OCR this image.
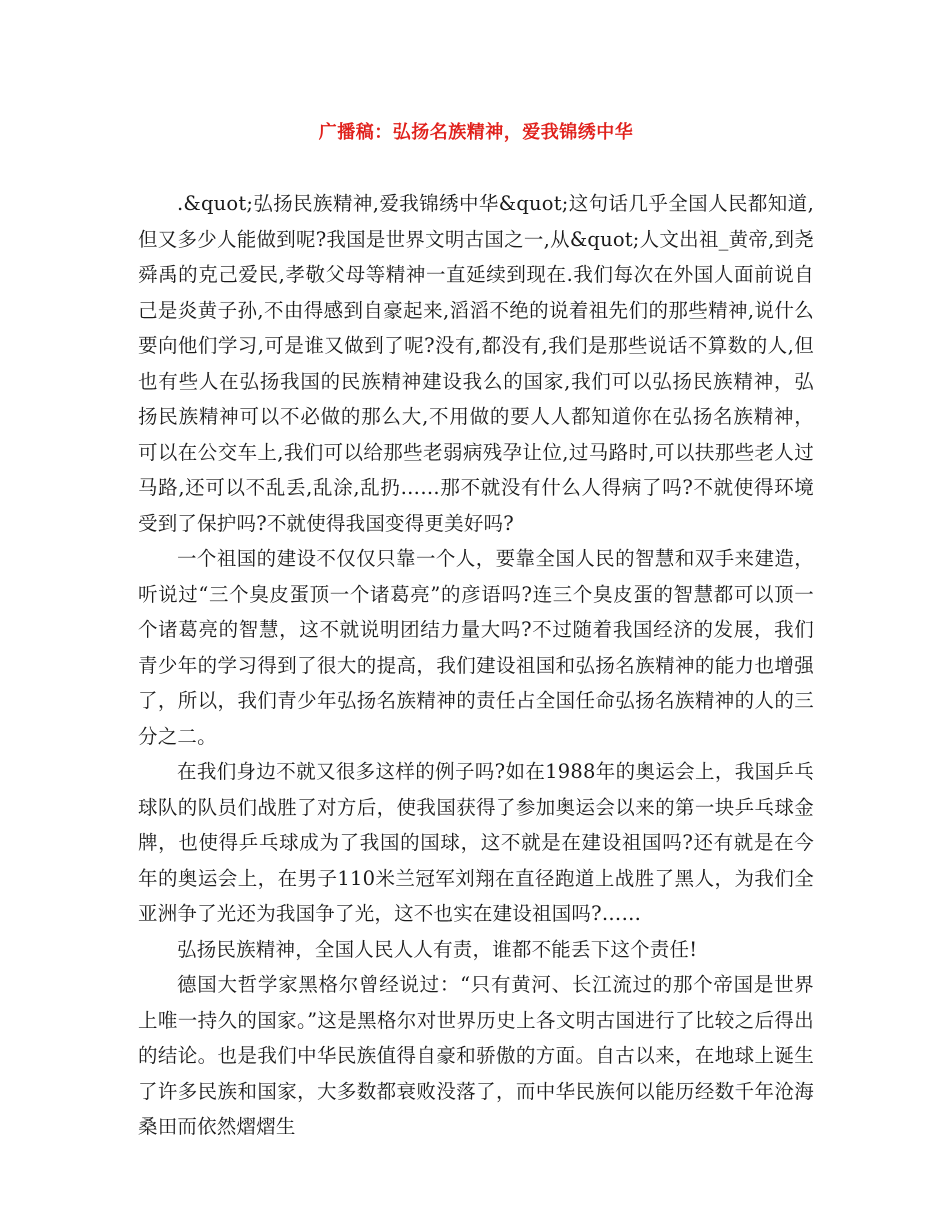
广播稿：弘扬名族精神，爱我锦绣中华

.&quot;弘扬民族精神,爱我锦绣中华&quot;这句话几乎全国人民都知道,但又多少人能做到呢?我国是世界文明古国之一,从&quot;人文出祖_黄帝,到尧舜禹的克己爱民,孝敬父母等精神一直延续到现在.我们每次在外国人面前说自己是炎黄子孙,不由得感到自豪起来,滔滔不绝的说着祖先们的那些精神,说什么要向他们学习,可是谁又做到了呢?没有,都没有,我们是那些说话不算数的人,但也有些人在弘扬我国的民族精神建设我么的国家,我们可以弘扬民族精神，弘扬民族精神可以不必做的那么大,不用做的要人人都知道你在弘扬名族精神，可以在公交车上,我们可以给那些老弱病残孕让位,过马路时,可以扶那些老人过马路,还可以不乱丢,乱涂,乱扔……那不就没有什么人得病了吗?不就使得环境受到了保护吗?不就使得我国变得更美好吗?

一个祖国的建设不仅仅只靠一个人，要靠全国人民的智慧和双手来建造，听说过“三个臭皮蛋顶一个诸葛亮”的彦语吗?连三个臭皮蛋的智慧都可以顶一个诸葛亮的智慧，这不就说明团结力量大吗?不过随着我国经济的发展，我们青少年的学习得到了很大的提高，我们建设祖国和弘扬名族精神的能力也增强了，所以，我们青少年弘扬名族精神的责任占全国任命弘扬名族精神的人的三分之二。

在我们身边不就又很多这样的例子吗?如在1988年的奥运会上，我国乒乓球队的队员们战胜了对方后，使我国获得了参加奥运会以来的第一块乒乓球金牌，也使得乒乓球成为了我国的国球，这不就是在建设祖国吗?还有就是在今年的奥运会上，在男子110米兰冠军刘翔在直径跑道上战胜了黑人，为我们全亚洲争了光还为我国争了光，这不也实在建设祖国吗?……

弘扬民族精神，全国人民人人有责，谁都不能丢下这个责任!

德国大哲学家黑格尔曾经说过：“只有黄河、长江流过的那个帝国是世界上唯一持久的国家。”这是黑格尔对世界历史上各文明古国进行了比较之后得出的结论。也是我们中华民族值得自豪和骄傲的方面。自古以来，在地球上诞生了许多民族和国家，大多数都衰败没落了，而中华民族何以能历经数千年沧海桑田而依然熠熠生
